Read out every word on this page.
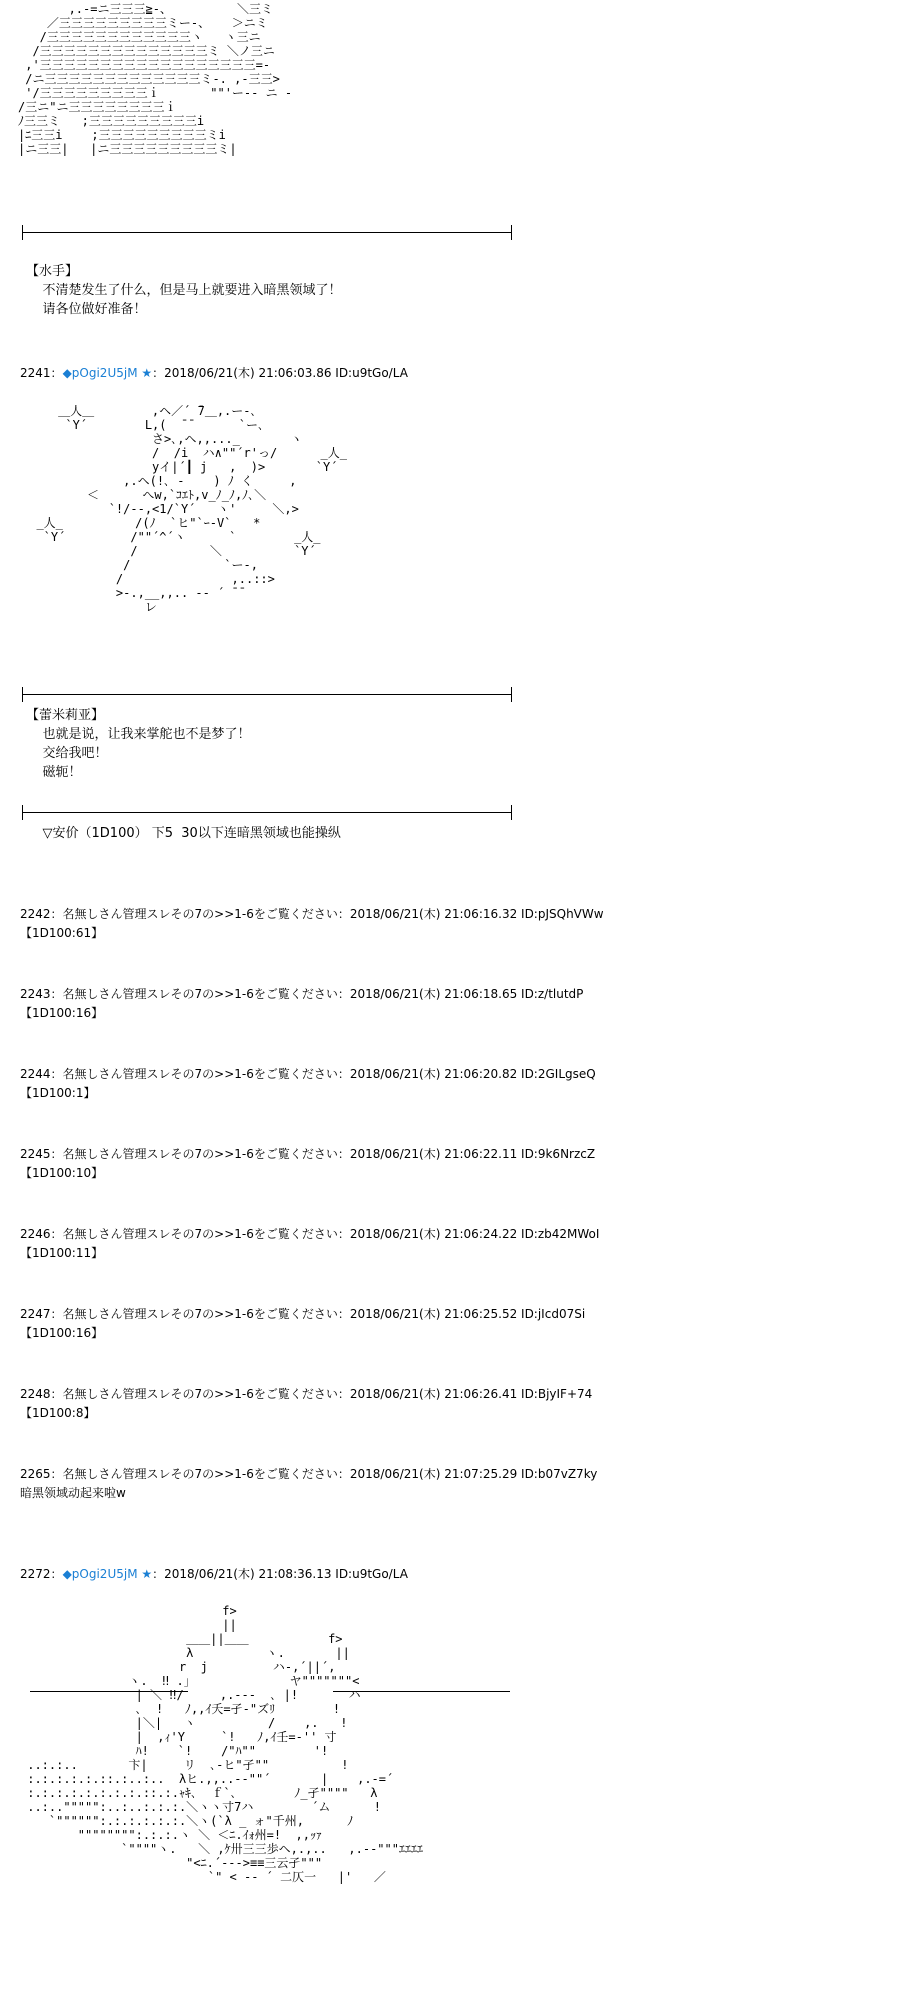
,.-=ニ三三三≧-、         ＼三ミ
／三三三三三三三三三ミー-、   ＞ニミ
/三三三三三三三三三三三三ヽ   ヽ三ニ
/三三三三三三三三三三三三三三ミ ＼ノ三ニ
,'三三三三三三三三三三三三三三三三三三=-
/ニ三三三三三三三三三三三三三ミ-. ,-三三>
'/三三三三三三三三三ｉ       ""'ー-- ニ -
/三ニ"ニ三三三三三三三三ｉ
ﾉ三三ミ   ;三三三三三三三三三i
|ﾆ三三i    ;三三三三三三三三三ミi
|ニ三三|   |ニ三三三三三三三三三ミ|
【水手】
不清楚发生了什么，但是马上就要进入暗黑领域了！
请各位做好准备！
2241：◆pOgi2U5jM ★：2018/06/21(木) 21:06:03.86 ID:u9tGo/LA
＿人＿        ,ヘ／´ ̄7＿,.ー-､
`Y´        L,(  ̄ ̄       `ー､
さ>､,ヘ,,..._       ヽ
/  /i  ハ∧""´r'っ/      _人_
yイ|´┃ j   ,  )>       `Y´
,.ヘ(!､ -    ) ﾉ く     ,
＜      へw,`ｺｴﾄ,v_ﾉ_ﾉ,ﾉ､＼
`!/--,<1/`Y´   ヽ'     ＼,>
_人_          /(ﾉ  `ヒ"`ｰ-V`   *
`Y´         /""´^´ヽ      `        _人_
/          ＼          `Y´
/             `ー-,
/               ,..::>
>-.,__,,.. -- ´ ̄ ̄
レ
【蕾米莉亚】
也就是说，让我来掌舵也不是梦了！
交给我吧！
磁轭！
▽安价（1D100） 下5  30以下连暗黑领域也能操纵
2242：名無しさん管理スレその7の>>1-6をご覧ください：2018/06/21(木) 21:06:16.32 ID:pJSQhVWw
【1D100:61】
2243：名無しさん管理スレその7の>>1-6をご覧ください：2018/06/21(木) 21:06:18.65 ID:z/tlutdP
【1D100:16】
2244：名無しさん管理スレその7の>>1-6をご覧ください：2018/06/21(木) 21:06:20.82 ID:2GILgseQ
【1D100:1】
2245：名無しさん管理スレその7の>>1-6をご覧ください：2018/06/21(木) 21:06:22.11 ID:9k6NrzcZ
【1D100:10】
2246：名無しさん管理スレその7の>>1-6をご覧ください：2018/06/21(木) 21:06:24.22 ID:zb42MWoI
【1D100:11】
2247：名無しさん管理スレその7の>>1-6をご覧ください：2018/06/21(木) 21:06:25.52 ID:jIcd07Si
【1D100:16】
2248：名無しさん管理スレその7の>>1-6をご覧ください：2018/06/21(木) 21:06:26.41 ID:BjyIF+74
【1D100:8】
2265：名無しさん管理スレその7の>>1-6をご覧ください：2018/06/21(木) 21:07:25.29 ID:b07vZ7ky
暗黑领域动起来啦w
2272：◆pOgi2U5jM ★：2018/06/21(木) 21:08:36.13 ID:u9tGo/LA
f>
||
＿＿||＿＿           f>
λ          ヽ.       ||
r  j         ハ-,´||´,
ヽ.  ‼ .」             ヤ"""""""<
| ＼ ‼/     ,.---  ､ |!       ハ
､  !   ﾉ,,ｲ夭=孑-"ズﾘ        !
|＼|   ヽ          /    ,.   !
|  ,ｨ'Y     `!   ﾉ,ｲ壬=-'' 寸
ﾊ!    `!    /"ﾊ""        '!
..:.:..       卞|     リ  ､-ヒ"孑""          !
:.:.:.:.:.::.:..:..  λヒ.,,..--""´       |    ,.-=´
:.:.:.:.:.:.:.:.::.:.ｬｷ､  ｆ`､        ﾉ_孑""""   λ
..:..""""":..:..:.:.:.＼ヽヽ寸7ハ        ´ム      !
`"""""":.:.:.:.:.:.＼ヽ(`λ _ ォ"千州,      ﾉ
"""""""":.:.:.ヽ ＼ ＜ﾆ.ｲｫ州=!  ,,ｯｧ
`""""ヽ.   ＼ ,ｹ卅三三歩ヘ,.,..   ,.--"""ｴｴｴｴ
"<ﾆ.´--->≡≡三云孑"""
`" < -- ´ 二仄一   |'   ／
